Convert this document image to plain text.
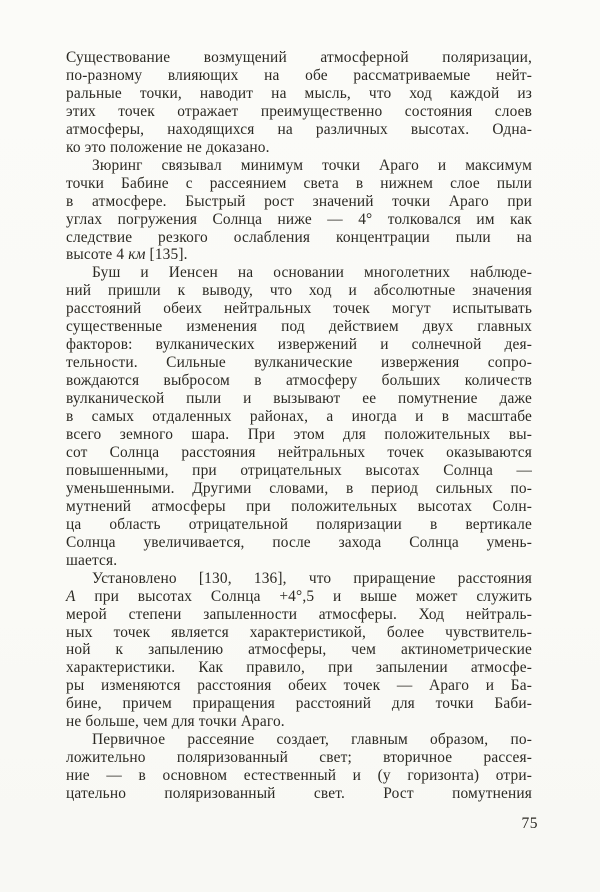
Существование возмущений атмосферной поляризации,
по-разному влияющих на обе рассматриваемые нейт-
ральные точки, наводит на мысль, что ход каждой из
этих точек отражает преимущественно состояния слоев
атмосферы, находящихся на различных высотах. Одна-
ко это положение не доказано.
Зюринг связывал минимум точки Араго и максимум
точки Бабине с рассеянием света в нижнем слое пыли
в атмосфере. Быстрый рост значений точки Араго при
углах погружения Солнца ниже — 4° толковался им как
следствие резкого ослабления концентрации пыли на
высоте 4 км [135].
Буш и Иенсен на основании многолетних наблюде-
ний пришли к выводу, что ход и абсолютные значения
расстояний обеих нейтральных точек могут испытывать
существенные изменения под действием двух главных
факторов: вулканических извержений и солнечной дея-
тельности. Сильные вулканические извержения сопро-
вождаются выбросом в атмосферу больших количеств
вулканической пыли и вызывают ее помутнение даже
в самых отдаленных районах, а иногда и в масштабе
всего земного шара. При этом для положительных вы-
сот Солнца расстояния нейтральных точек оказываются
повышенными, при отрицательных высотах Солнца —
уменьшенными. Другими словами, в период сильных по-
мутнений атмосферы при положительных высотах Солн-
ца область отрицательной поляризации в вертикале
Солнца увеличивается, после захода Солнца умень-
шается.
Установлено [130, 136], что приращение расстояния
А при высотах Солнца +4°,5 и выше может служить
мерой степени запыленности атмосферы. Ход нейтраль-
ных точек является характеристикой, более чувствитель-
ной к запылению атмосферы, чем актинометрические
характеристики. Как правило, при запылении атмосфе-
ры изменяются расстояния обеих точек — Араго и Ба-
бине, причем приращения расстояний для точки Баби-
не больше, чем для точки Араго.
Первичное рассеяние создает, главным образом, по-
ложительно поляризованный свет; вторичное рассея-
ние — в основном естественный и (у горизонта) отри-
цательно поляризованный свет. Рост помутнения
75
